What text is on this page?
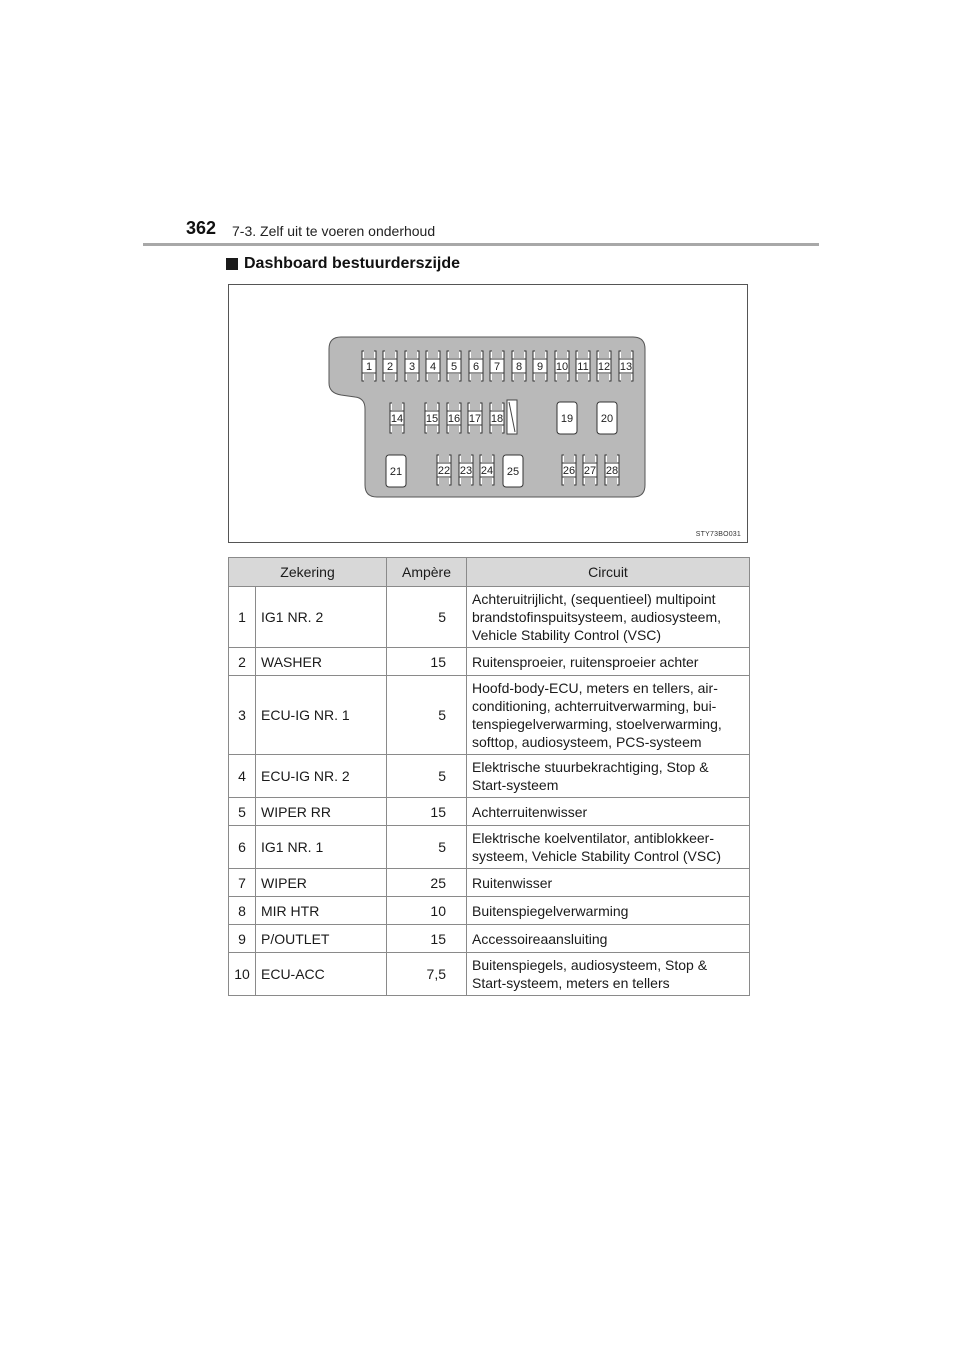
362 7-3. Zelf uit te voeren onderhoud
Dashboard bestuurderszijde
1 2 3 4 5 6 7 8 9 10 11 12 13
14 15 16 17 18	19	20
21	22 23 24 25	26 27 28
STY73BO031
Zekering		Ampère	Circuit
1	IG1 NR. 2	5	Achteruitrijlicht, (sequentieel) multipoint brandstofinspuitsysteem, audiosysteem, Vehicle Stability Control (VSC)
2	WASHER	15	Ruitensproeier, ruitensproeier achter
3	ECU-IG NR. 1	5	Hoofd-body-ECU, meters en tellers, air-conditioning, achterruitverwarming, bui-tenspiegelverwarming, stoelverwarming, softtop, audiosysteem, PCS-systeem
4	ECU-IG NR. 2	5	Elektrische stuurbekrachtiging, Stop & Start-systeem
5	WIPER RR	15	Achterruitenwisser
6	IG1 NR. 1	5	Elektrische koelventilator, antiblokkeer-systeem, Vehicle Stability Control (VSC)
7	WIPER	25	Ruitenwisser
8	MIR HTR	10	Buitenspiegelverwarming
9	P/OUTLET	15	Accessoireaansluiting
10	ECU-ACC	7,5	Buitenspiegels, audiosysteem, Stop & Start-systeem, meters en tellers
